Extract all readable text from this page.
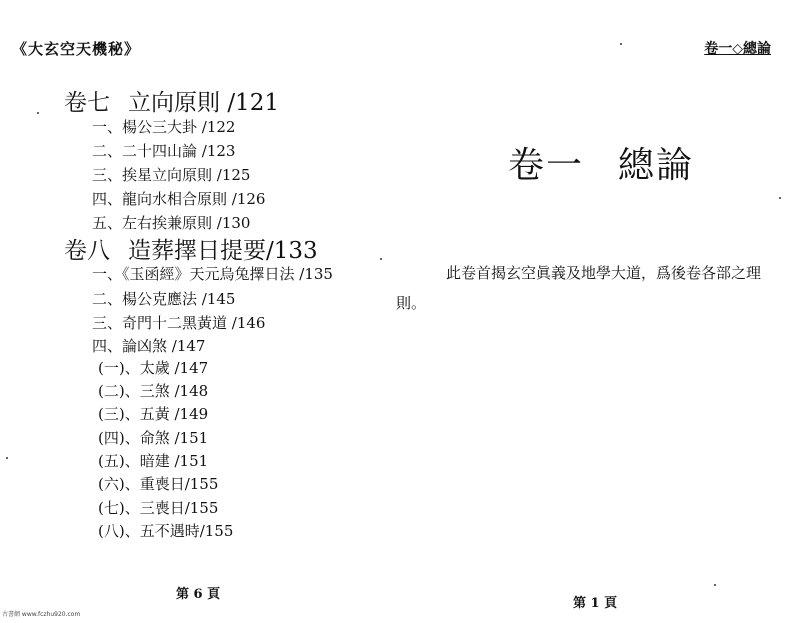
《大玄空天機秘》
卷七 立向原則 /121
一、楊公三大卦 /122
二、二十四山論 /123
三、挨星立向原則 /125
四、龍向水相合原則 /126
五、左右挨兼原則 /130
卷八 造葬擇日提要/133
一、《玉函經》天元烏兔擇日法 /135
二、楊公克應法 /145
三、奇門十二黑黃道 /146
四、論凶煞 /147
(一)、太歲 /147
(二)、三煞 /148
(三)、五黃 /149
(四)、命煞 /151
(五)、暗建 /151
(六)、重喪日/155
(七)、三喪日/155
(八)、五不遇時/155
第 6 頁
古書網 www.fczhu920.com
卷一◇總論
卷一 總論
此卷首揭玄空眞義及地學大道，爲後卷各部之理則。
第 1 頁
